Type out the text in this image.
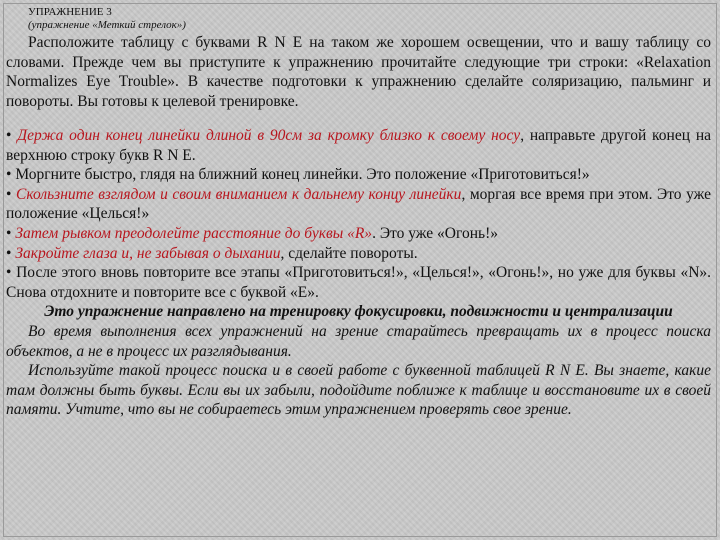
УПРАЖНЕНИЕ 3
(упражнение «Меткий стрелок»)

Расположите таблицу с буквами R N E на таком же хорошем освещении, что и вашу таблицу со словами. Прежде чем вы приступите к упражнению прочитайте следующие три строки: «Relaxation Normalizes Eye Trouble». В качестве подготовки к упражнению сделайте соляризацию, пальминг и повороты. Вы готовы к целевой тренировке.

• Держа один конец линейки длиной в 90см за кромку близко к своему носу, направьте другой конец на верхнюю строку букв R N E.

• Моргните быстро, глядя на ближний конец линейки. Это положение «Приготовиться!»

• Скользните взглядом и своим вниманием к дальнему концу линейки, моргая все время при этом. Это уже положение «Целься!»

• Затем рывком преодолейте расстояние до буквы «R». Это уже «Огонь!»

• Закройте глаза и, не забывая о дыхании, сделайте повороты.

• После этого вновь повторите все этапы «Приготовиться!», «Целься!», «Огонь!», но уже для буквы «N». Снова отдохните и повторите все с буквой «Е».

Это упражнение направлено на тренировку фокусировки, подвижности и централизации

Во время выполнения всех упражнений на зрение старайтесь превращать их в процесс поиска объектов, а не в процесс их разглядывания.

Используйте такой процесс поиска и в своей работе с буквенной таблицей R N E. Вы знаете, какие там должны быть буквы. Если вы их забыли, подойдите поближе к таблице и восстановите их в своей памяти. Учтите, что вы не собираетесь этим упражнением проверять свое зрение.
